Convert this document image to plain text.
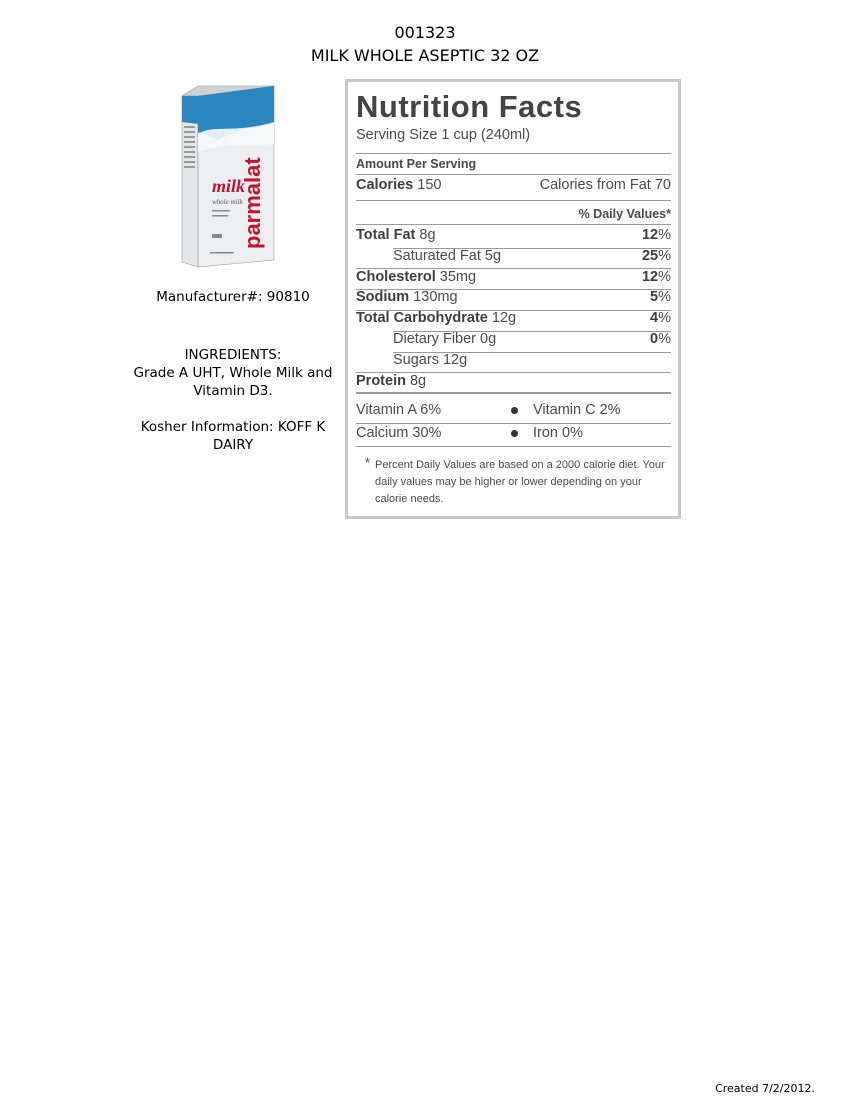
001323
MILK WHOLE ASEPTIC 32 OZ
parmalat
milk
whole milk
Manufacturer#: 90810
INGREDIENTS:
Grade A UHT, Whole Milk and Vitamin D3.
Kosher Information: KOFF K DAIRY
Nutrition Facts
Serving Size 1 cup (240ml)
Amount Per Serving
Calories 150	Calories from Fat 70
% Daily Values*
Total Fat 8g	12%
Saturated Fat 5g	25%
Cholesterol 35mg	12%
Sodium 130mg	5%
Total Carbohydrate 12g	4%
Dietary Fiber 0g	0%
Sugars 12g
Protein 8g
Vitamin A 6%	Vitamin C 2%
Calcium 30%	Iron 0%
* Percent Daily Values are based on a 2000 calorie diet. Your daily values may be higher or lower depending on your calorie needs.
Created 7/2/2012.
